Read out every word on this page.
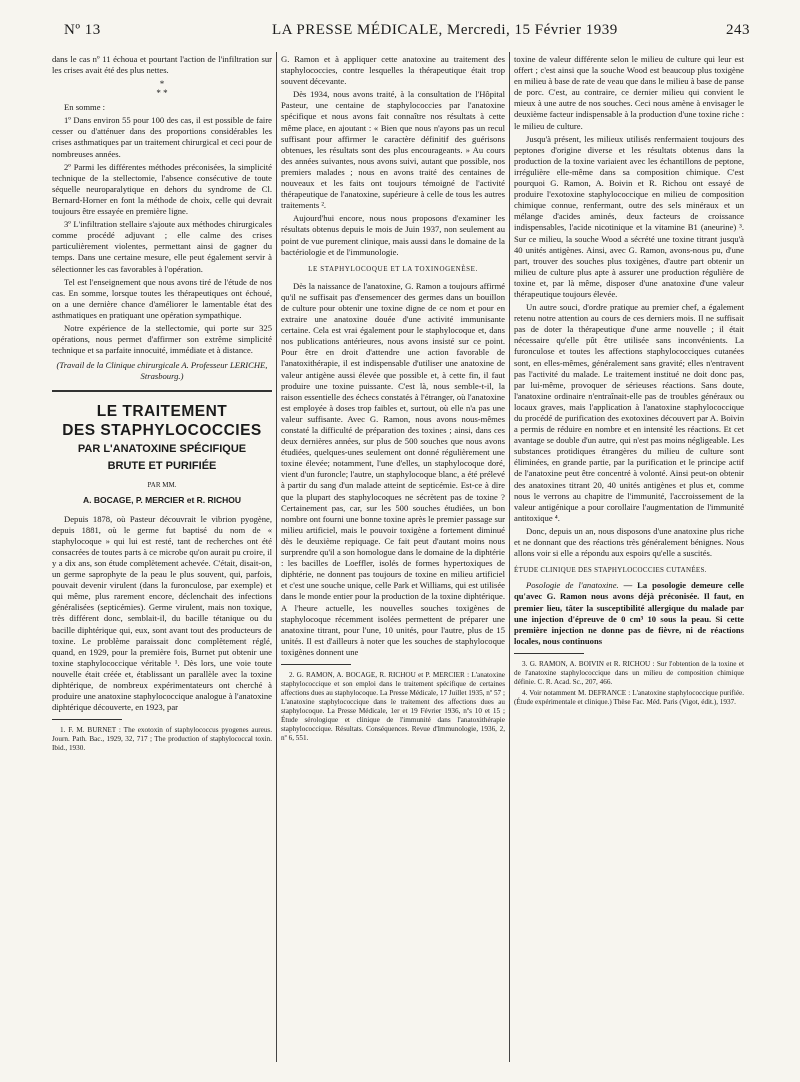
Nº 13	LA PRESSE MÉDICALE, Mercredi, 15 Février 1939	243

dans le cas nº 11 échoua et pourtant l'action de l'infiltration sur les crises avait été des plus nettes.

*
* *

En somme :

1º Dans environ 55 pour 100 des cas, il est possible de faire cesser ou d'atténuer dans des proportions considérables les crises asthmatiques par un traitement chirurgical et ceci pour de nombreuses années.

2º Parmi les différentes méthodes préconisées, la simplicité technique de la stellectomie, l'absence consécutive de toute séquelle neuroparalytique en dehors du syndrome de Cl. Bernard-Horner en font la méthode de choix, celle qui devrait toujours être essayée en première ligne.

3º L'infiltration stellaire s'ajoute aux méthodes chirurgicales comme procédé adjuvant ; elle calme des crises particulièrement violentes, permettant ainsi de gagner du temps. Dans une certaine mesure, elle peut également servir à sélectionner les cas favorables à l'opération.

Tel est l'enseignement que nous avons tiré de l'étude de nos cas. En somme, lorsque toutes les thérapeutiques ont échoué, on a une dernière chance d'améliorer le lamentable état des asthmatiques en pratiquant une opération sympathique.

Notre expérience de la stellectomie, qui porte sur 325 opérations, nous permet d'affirmer son extrême simplicité technique et sa parfaite innocuité, immédiate et à distance.

(Travail de la Clinique chirurgicale A. Professeur LERICHE, Strasbourg.)

LE TRAITEMENT
DES STAPHYLOCOCCIES
PAR L'ANATOXINE SPÉCIFIQUE
BRUTE ET PURIFIÉE
PAR MM.
A. BOCAGE, P. MERCIER et R. RICHOU

Depuis 1878, où Pasteur découvrait le vibrion pyogène, depuis 1881, où le germe fut baptisé du nom de « staphylocoque » qui lui est resté, tant de recherches ont été consacrées de toutes parts à ce microbe qu'on aurait pu croire, il y a dix ans, son étude complètement achevée. C'était, disait-on, un germe saprophyte de la peau le plus souvent, qui, parfois, pouvait devenir virulent (dans la furonculose, par exemple) et qui même, plus rarement encore, déclenchait des infections généralisées (septicémies). Germe virulent, mais non toxique, très différent donc, semblait-il, du bacille tétanique ou du bacille diphtérique qui, eux, sont avant tout des producteurs de toxine. Le problème paraissait donc complètement réglé, quand, en 1929, pour la première fois, Burnet put obtenir une toxine staphylococcique véritable ¹. Dès lors, une voie toute nouvelle était créée et, établissant un parallèle avec la toxine diphtérique, de nombreux expérimentateurs ont cherché à produire une anatoxine staphylococcique analogue à l'anatoxine diphtérique découverte, en 1923, par

1. F. M. BURNET : The exotoxin of staphylococcus pyogenes aureus. Journ. Path. Bac., 1929, 32, 717 ; The production of staphylococcal toxin. Ibid., 1930.

G. Ramon et à appliquer cette anatoxine au traitement des staphylococcies, contre lesquelles la thérapeutique était trop souvent décevante.

Dès 1934, nous avons traité, à la consultation de l'Hôpital Pasteur, une centaine de staphylococcies par l'anatoxine spécifique et nous avons fait connaître nos résultats à cette même place, en ajoutant : « Bien que nous n'ayons pas un recul suffisant pour affirmer le caractère définitif des guérisons obtenues, les résultats sont des plus encourageants. » Au cours des années suivantes, nous avons suivi, autant que possible, nos premiers malades ; nous en avons traité des centaines de nouveaux et les faits ont toujours témoigné de l'activité thérapeutique de l'anatoxine, supérieure à celle de tous les autres traitements ².

Aujourd'hui encore, nous nous proposons d'examiner les résultats obtenus depuis le mois de Juin 1937, non seulement au point de vue purement clinique, mais aussi dans le domaine de la bactériologie et de l'immunologie.

LE STAPHYLOCOQUE ET LA TOXINOGENÈSE.

Dès la naissance de l'anatoxine, G. Ramon a toujours affirmé qu'il ne suffisait pas d'ensemencer des germes dans un bouillon de culture pour obtenir une toxine digne de ce nom et pour en extraire une anatoxine douée d'une activité immunisante certaine. Cela est vrai également pour le staphylocoque et, dans nos publications antérieures, nous avons insisté sur ce point. Pour être en droit d'attendre une action favorable de l'anatoxithérapie, il est indispensable d'utiliser une anatoxine de valeur antigène aussi élevée que possible et, à cette fin, il faut produire une toxine puissante. C'est là, nous semble-t-il, la raison essentielle des échecs constatés à l'étranger, où l'anatoxine est employée à doses trop faibles et, surtout, où elle n'a pas une valeur suffisante. Avec G. Ramon, nous avons nous-mêmes constaté la difficulté de préparation des toxines ; ainsi, dans ces deux dernières années, sur plus de 500 souches que nous avons étudiées, quelques-unes seulement ont donné régulièrement une toxine élevée; notamment, l'une d'elles, un staphylocoque doré, vient d'un furoncle; l'autre, un staphylocoque blanc, a été prélevé à partir du sang d'un malade atteint de septicémie. Est-ce à dire que la plupart des staphylocoques ne sécrètent pas de toxine ? Certainement pas, car, sur les 500 souches étudiées, un bon nombre ont fourni une bonne toxine après le premier passage sur milieu artificiel, mais le pouvoir toxigène a fortement diminué dès le deuxième repiquage. Ce fait peut d'autant moins nous surprendre qu'il a son homologue dans le domaine de la diphtérie : les bacilles de Loeffler, isolés de formes hypertoxiques de diphtérie, ne donnent pas toujours de toxine en milieu artificiel et c'est une souche unique, celle Park et Williams, qui est utilisée dans le monde entier pour la production de la toxine diphtérique. A l'heure actuelle, les nouvelles souches toxigènes de staphylocoque récemment isolées permettent de préparer une anatoxine titrant, pour l'une, 10 unités, pour l'autre, plus de 15 unités. Il est d'ailleurs à noter que les souches de staphylocoque toxigènes donnent une

2. G. RAMON, A. BOCAGE, R. RICHOU et P. MERCIER : L'anatoxine staphylococcique et son emploi dans le traitement spécifique de certaines affections dues au staphylocoque. La Presse Médicale, 17 Juillet 1935, nº 57 ; L'anatoxine staphylococcique dans le traitement des affections dues au staphylocoque. La Presse Médicale, 1er et 19 Février 1936, nºs 10 et 15 ; Étude sérologique et clinique de l'immunité dans l'anatoxithérapie staphylococcique. Résultats. Conséquences. Revue d'Immunologie, 1936, 2, nº 6, 551.

toxine de valeur différente selon le milieu de culture qui leur est offert ; c'est ainsi que la souche Wood est beaucoup plus toxigène en milieu à base de rate de veau que dans le milieu à base de panse de porc. C'est, au contraire, ce dernier milieu qui convient le mieux à une autre de nos souches. Ceci nous amène à envisager le deuxième facteur indispensable à la production d'une toxine riche : le milieu de culture.

Jusqu'à présent, les milieux utilisés renfermaient toujours des peptones d'origine diverse et les résultats obtenus dans la production de la toxine variaient avec les échantillons de peptone, irrégulière elle-même dans sa composition chimique. C'est pourquoi G. Ramon, A. Boivin et R. Richou ont essayé de produire l'exotoxine staphylococcique en milieu de composition chimique connue, renfermant, outre des sels minéraux et un mélange d'acides aminés, deux facteurs de croissance indispensables, l'acide nicotinique et la vitamine B1 (aneurine) ³. Sur ce milieu, la souche Wood a sécrété une toxine titrant jusqu'à 40 unités antigènes. Ainsi, avec G. Ramon, avons-nous pu, d'une part, trouver des souches plus toxigènes, d'autre part obtenir un milieu de culture plus apte à assurer une production régulière de toxine et, par là même, disposer d'une anatoxine d'une valeur thérapeutique toujours élevée.

Un autre souci, d'ordre pratique au premier chef, a également retenu notre attention au cours de ces derniers mois. Il ne suffisait pas de doter la thérapeutique d'une arme nouvelle ; il était nécessaire qu'elle pût être utilisée sans inconvénients. La furonculose et toutes les affections staphylococciques cutanées sont, en elles-mêmes, généralement sans gravité; elles n'entravent pas l'activité du malade. Le traitement institué ne doit donc pas, par lui-même, provoquer de sérieuses réactions. Sans doute, l'anatoxine ordinaire n'entraînait-elle pas de troubles généraux ou locaux graves, mais l'application à l'anatoxine staphylococcique du procédé de purification des exotoxines découvert par A. Boivin a permis de réduire en nombre et en intensité les réactions. Et cet avantage se double d'un autre, qui n'est pas moins négligeable. Les substances protidiques étrangères du milieu de culture sont éliminées, en grande partie, par la purification et le principe actif de l'anatoxine peut être concentré à volonté. Ainsi peut-on obtenir des anatoxines titrant 20, 40 unités antigènes et plus et, comme nous le verrons au chapitre de l'immunité, l'accroissement de la valeur antigénique a pour corollaire l'augmentation de l'immunité antitoxique ⁴.

Donc, depuis un an, nous disposons d'une anatoxine plus riche et ne donnant que des réactions très généralement bénignes. Nous allons voir si elle a répondu aux espoirs qu'elle a suscités.

ÉTUDE CLINIQUE DES STAPHYLOCOCCIES CUTANÉES.

Posologie de l'anatoxine. — La posologie demeure celle qu'avec G. Ramon nous avons déjà préconisée. Il faut, en premier lieu, tâter la susceptibilité allergique du malade par une injection d'épreuve de 0 cm³ 10 sous la peau. Si cette première injection ne donne pas de fièvre, ni de réactions locales, nous continuons

3. G. RAMON, A. BOIVIN et R. RICHOU : Sur l'obtention de la toxine et de l'anatoxine staphylococcique dans un milieu de composition chimique définie. C. R. Acad. Sc., 207, 466.

4. Voir notamment M. DEFRANCE : L'anatoxine staphylococcique purifiée. (Étude expérimentale et clinique.) Thèse Fac. Méd. Paris (Vigot, édit.), 1937.
